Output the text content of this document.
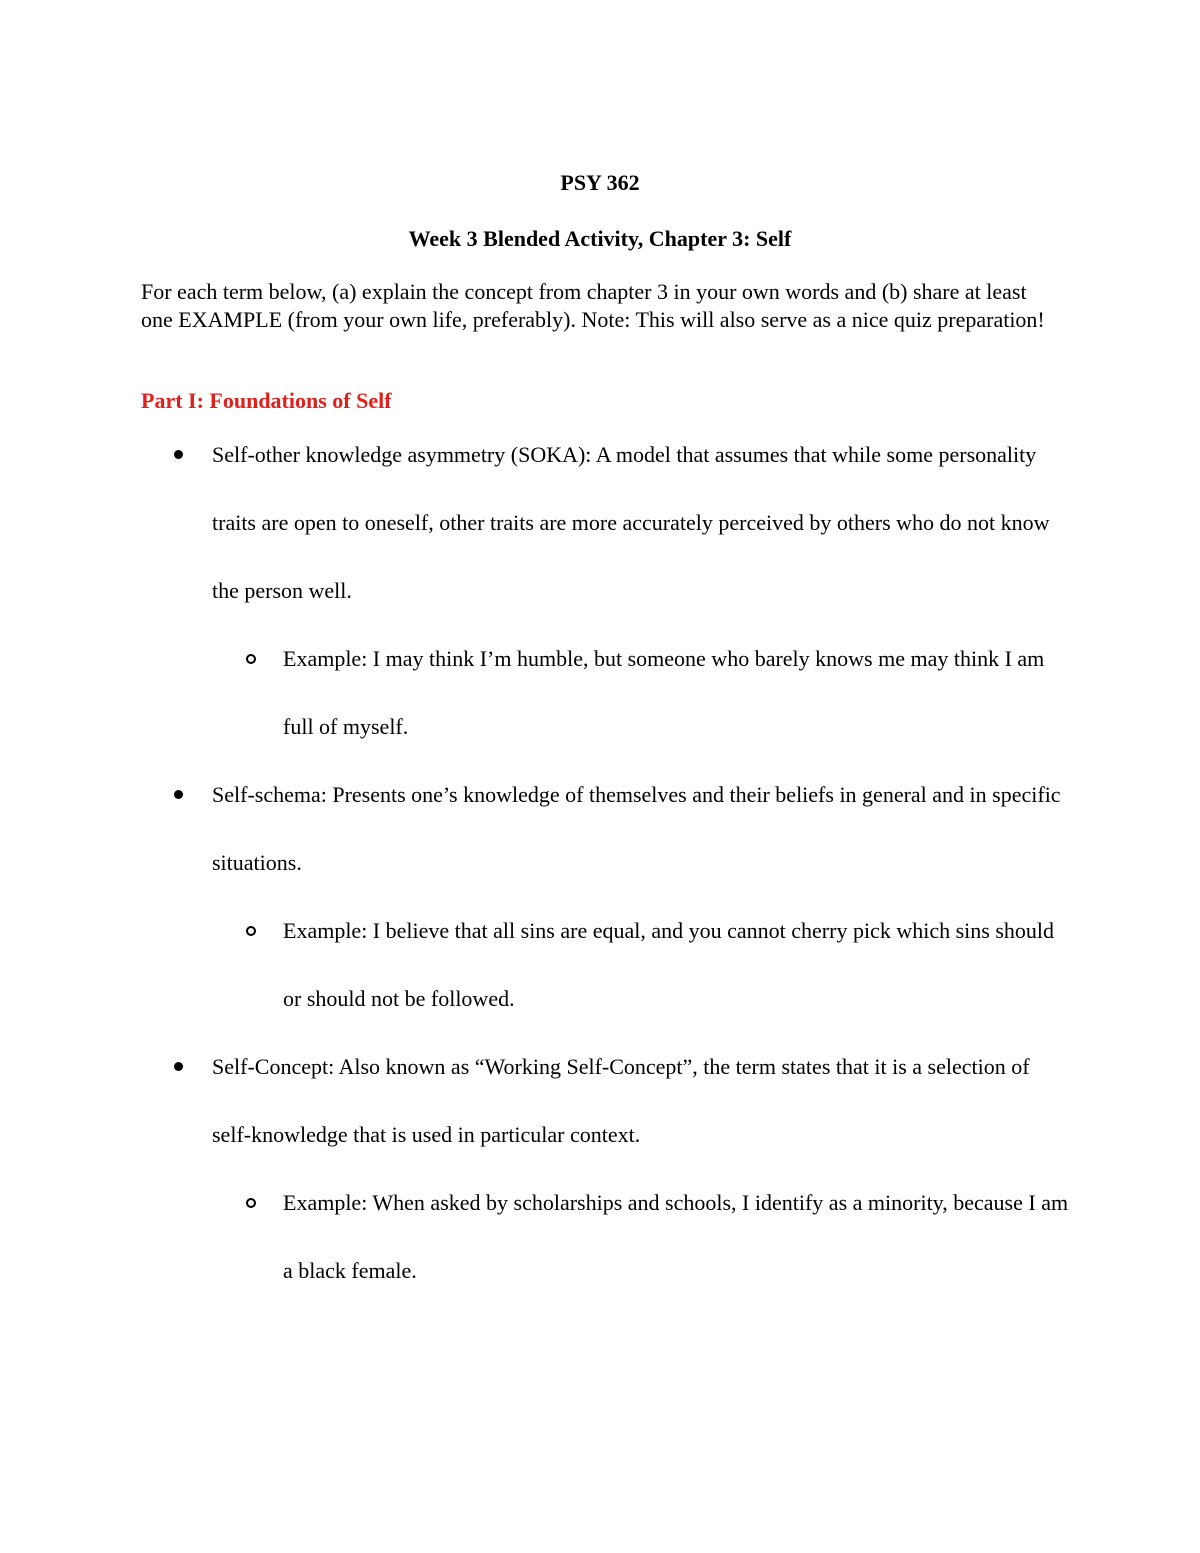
PSY 362
Week 3 Blended Activity, Chapter 3: Self

For each term below, (a) explain the concept from chapter 3 in your own words and (b) share at least one EXAMPLE (from your own life, preferably). Note: This will also serve as a nice quiz preparation!

Part I: Foundations of Self
Self-other knowledge asymmetry (SOKA): A model that assumes that while some personality traits are open to oneself, other traits are more accurately perceived by others who do not know the person well.
Example: I may think I’m humble, but someone who barely knows me may think I am full of myself.
Self-schema: Presents one’s knowledge of themselves and their beliefs in general and in specific situations.
Example: I believe that all sins are equal, and you cannot cherry pick which sins should or should not be followed.
Self-Concept: Also known as “Working Self-Concept”, the term states that it is a selection of self-knowledge that is used in particular context.
Example: When asked by scholarships and schools, I identify as a minority, because I am a black female.
